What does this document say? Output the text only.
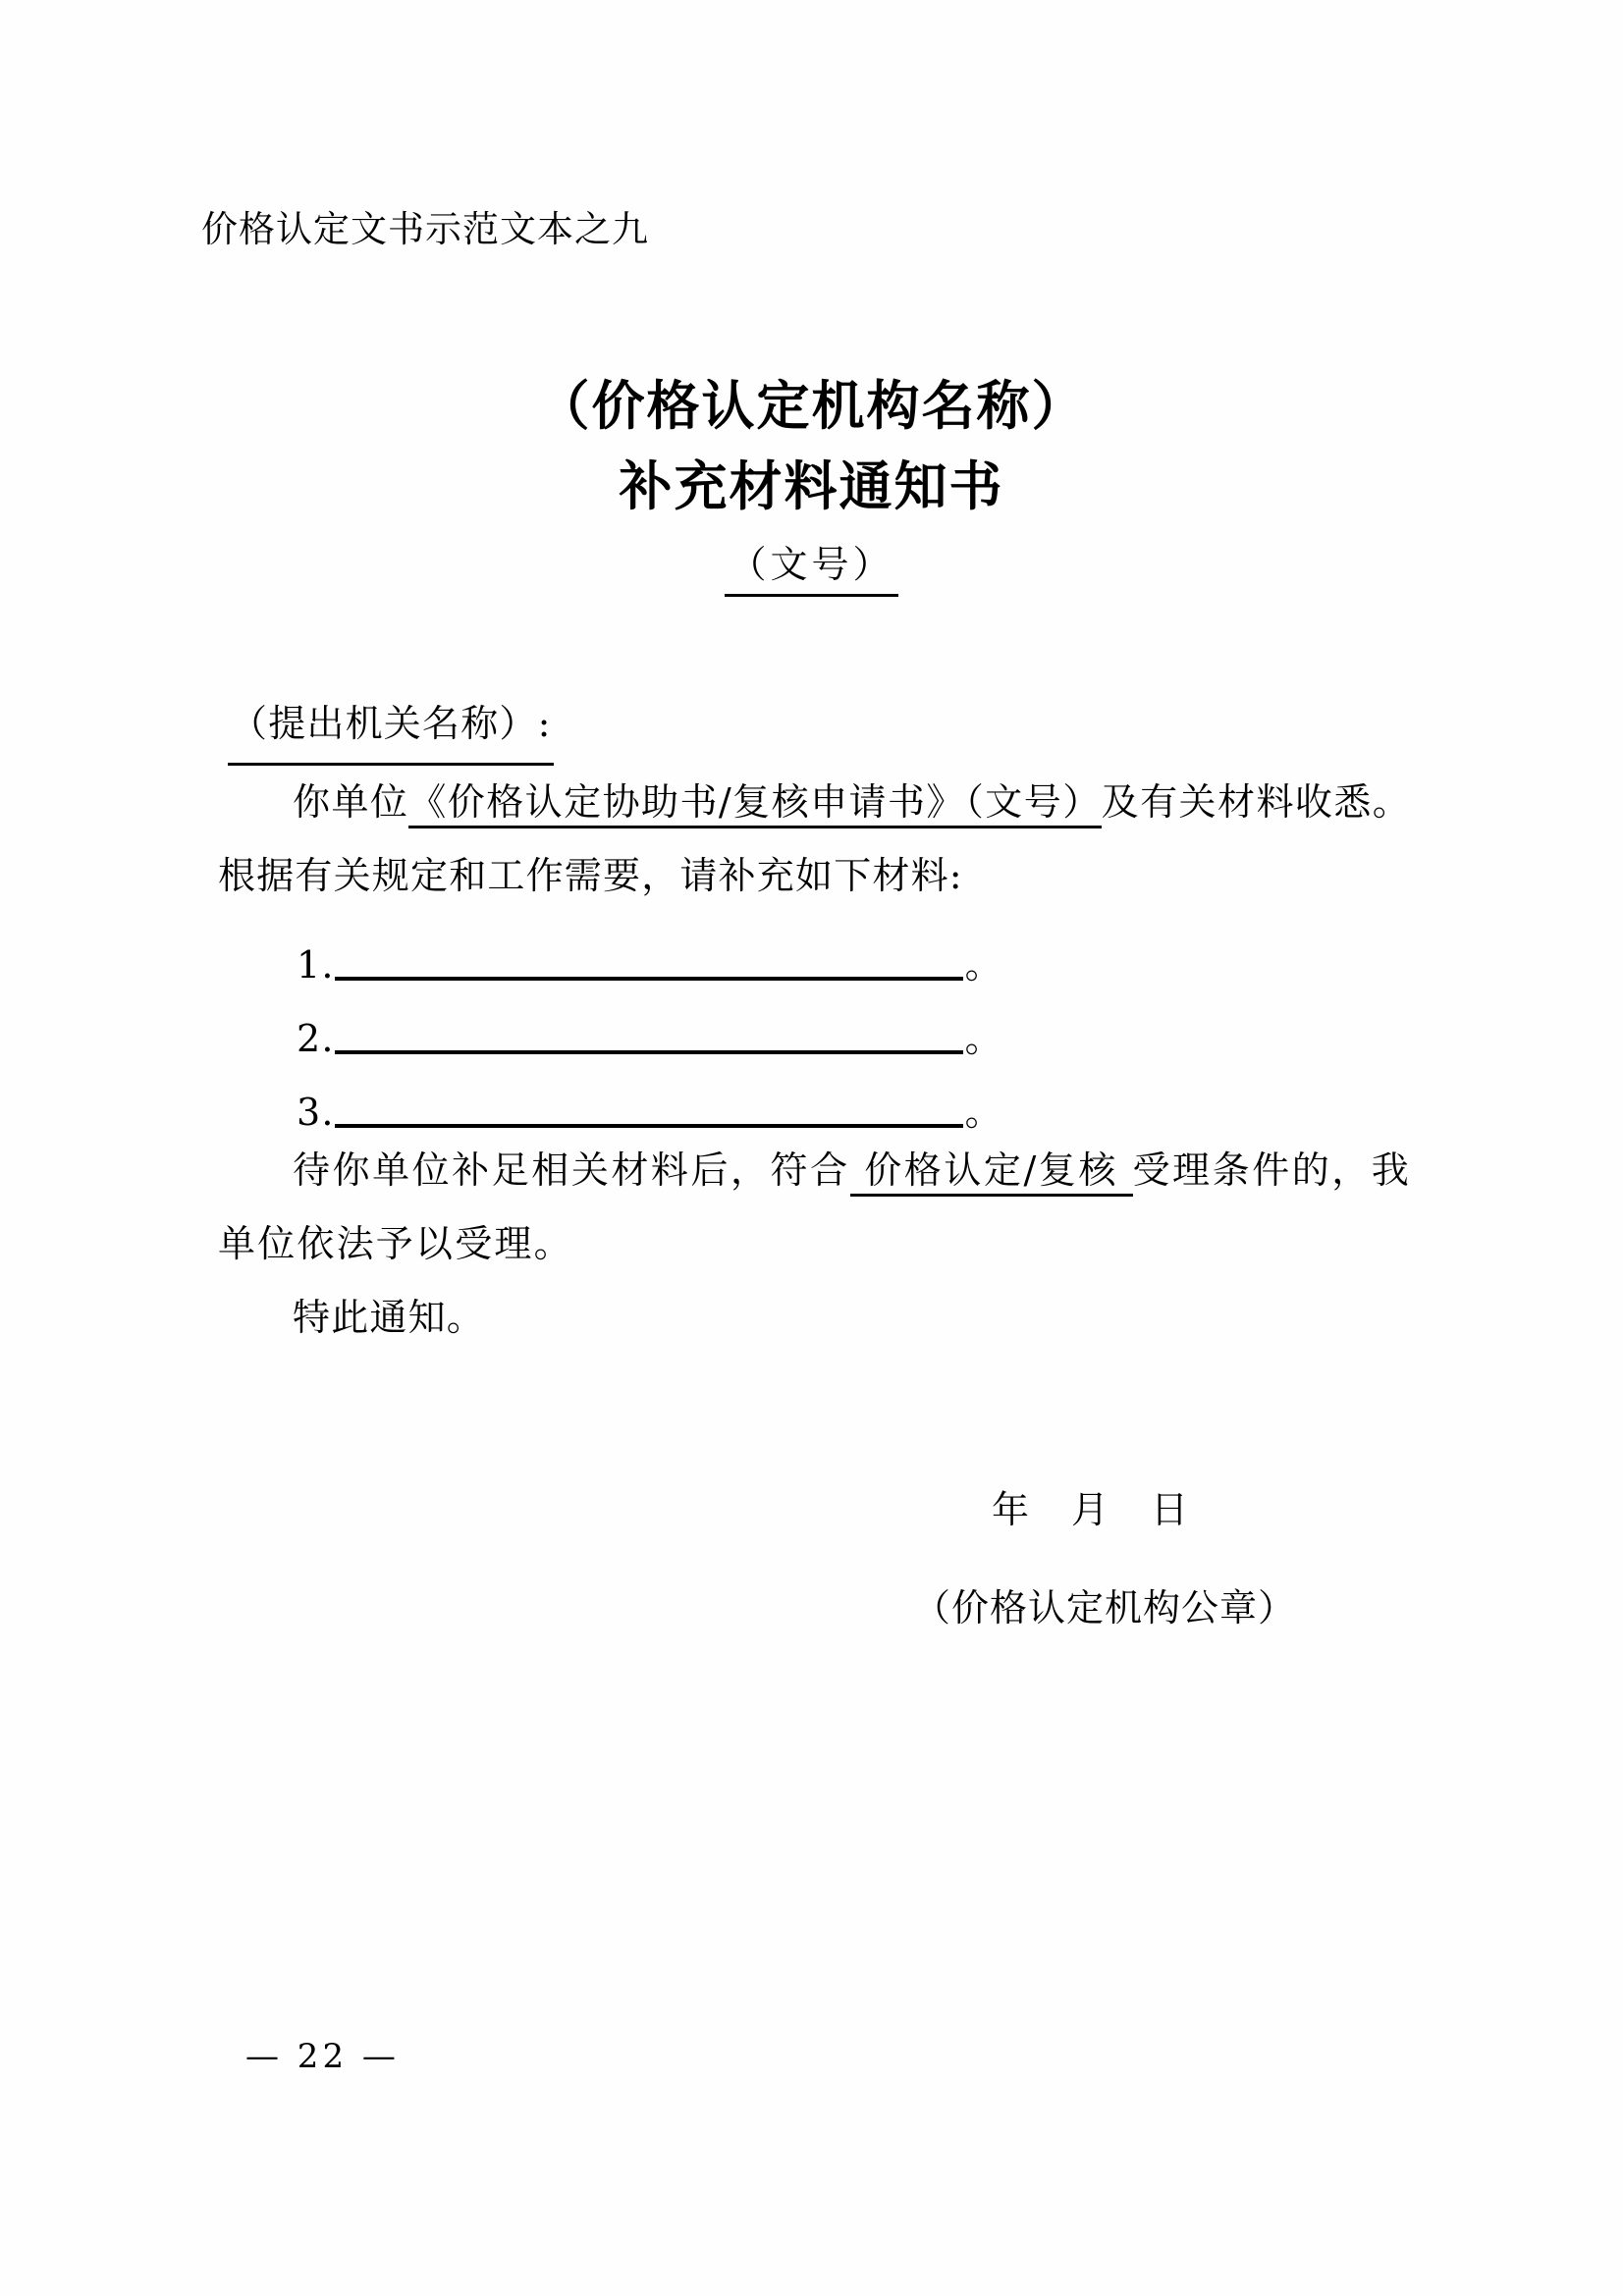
价格认定文书示范文本之九
（价格认定机构名称）
补充材料通知书
（文号）
（提出机关名称）:

你单位《价格认定协助书/复核申请书》（文号）及有关材料收悉。根据有关规定和工作需要，请补充如下材料:

1.	。
2.	。
3.	。

待你单位补足相关材料后，符合 价格认定/复核 受理条件的，我单位依法予以受理。

特此通知。

年 月 日
（价格认定机构公章）
— 22 —
